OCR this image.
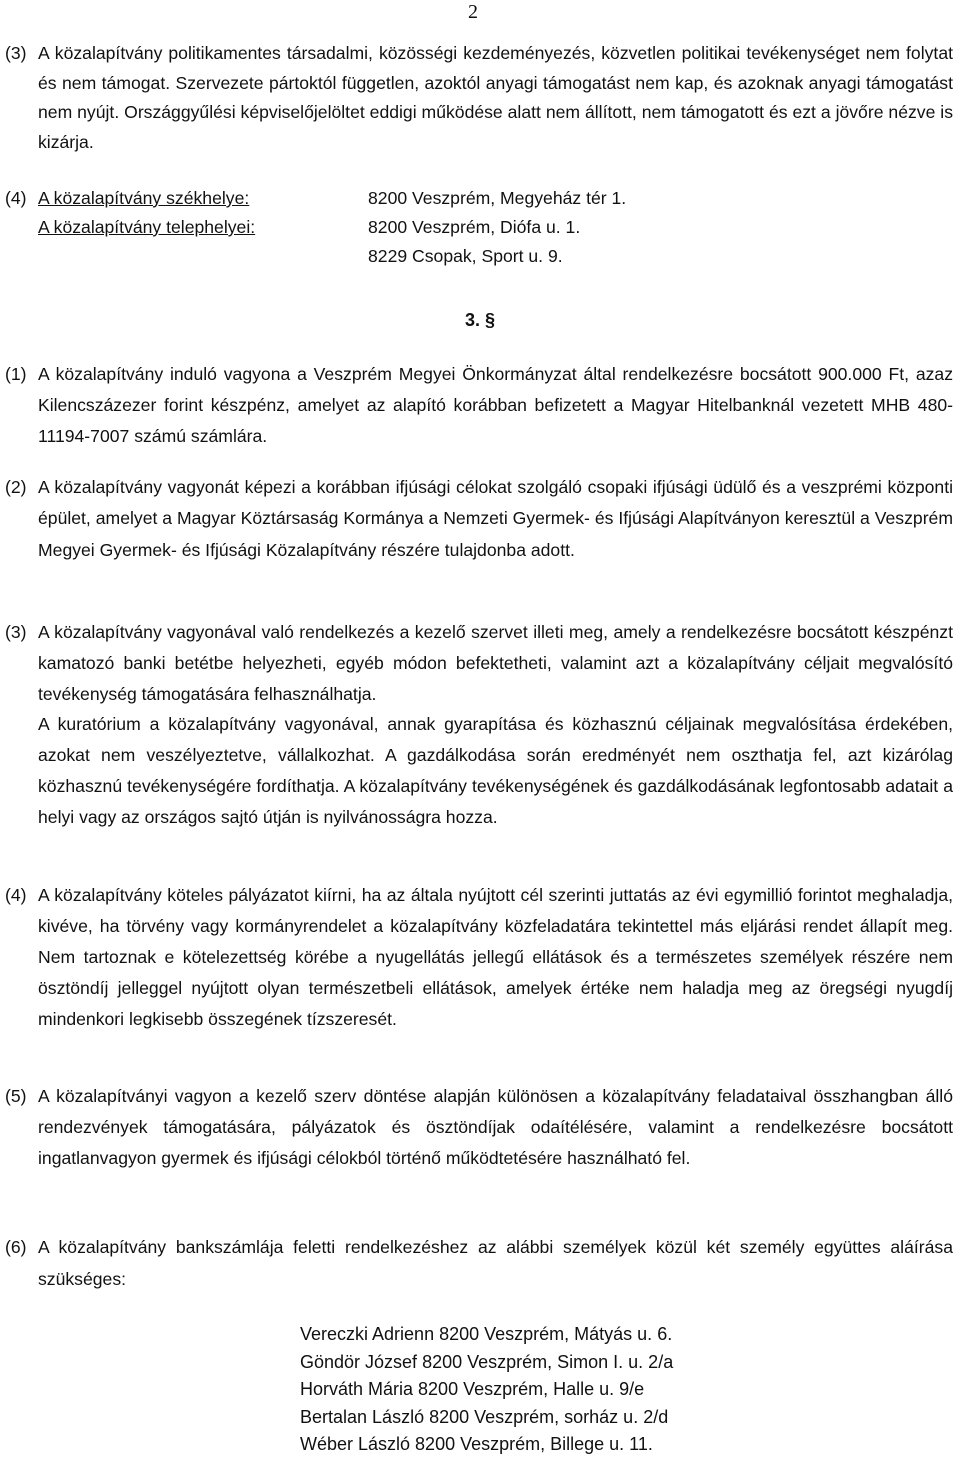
2
(3) A közalapítvány politikamentes társadalmi, közösségi kezdeményezés, közvetlen politikai tevékenységet nem folytat és nem támogat. Szervezete pártoktól független, azoktól anyagi támogatást nem kap, és azoknak anyagi támogatást nem nyújt. Országgyűlési képviselőjelöltet eddigi működése alatt nem állított, nem támogatott és ezt a jövőre nézve is kizárja.

(4) A közalapítvány székhelye:	8200 Veszprém, Megyeház tér 1.
A közalapítvány telephelyei:	8200 Veszprém, Diófa u. 1.
8229 Csopak, Sport u. 9.
3. §
(1) A közalapítvány induló vagyona a Veszprém Megyei Önkormányzat által rendelkezésre bocsátott 900.000 Ft, azaz Kilencszázezer forint készpénz, amelyet az alapító korábban befizetett a Magyar Hitelbanknál vezetett MHB 480-11194-7007 számú számlára.

(2) A közalapítvány vagyonát képezi a korábban ifjúsági célokat szolgáló csopaki ifjúsági üdülő és a veszprémi központi épület, amelyet a Magyar Köztársaság Kormánya a Nemzeti Gyermek- és Ifjúsági Alapítványon keresztül a Veszprém Megyei Gyermek- és Ifjúsági Közalapítvány részére tulajdonba adott.

(3) A közalapítvány vagyonával való rendelkezés a kezelő szervet illeti meg, amely a rendelkezésre bocsátott készpénzt kamatozó banki betétbe helyezheti, egyéb módon befektetheti, valamint azt a közalapítvány céljait megvalósító tevékenység támogatására felhasználhatja.

A kuratórium a közalapítvány vagyonával, annak gyarapítása és közhasznú céljainak megvalósítása érdekében, azokat nem veszélyeztetve, vállalkozhat. A gazdálkodása során eredményét nem oszthatja fel, azt kizárólag közhasznú tevékenységére fordíthatja. A közalapítvány tevékenységének és gazdálkodásának legfontosabb adatait a helyi vagy az országos sajtó útján is nyilvánosságra hozza.

(4) A közalapítvány köteles pályázatot kiírni, ha az általa nyújtott cél szerinti juttatás az évi egymillió forintot meghaladja, kivéve, ha törvény vagy kormányrendelet a közalapítvány közfeladatára tekintettel más eljárási rendet állapít meg. Nem tartoznak e kötelezettség körébe a nyugellátás jellegű ellátások és a természetes személyek részére nem ösztöndíj jelleggel nyújtott olyan természetbeli ellátások, amelyek értéke nem haladja meg az öregségi nyugdíj mindenkori legkisebb összegének tízszeresét.

(5) A közalapítványi vagyon a kezelő szerv döntése alapján különösen a közalapítvány feladataival összhangban álló rendezvények támogatására, pályázatok és ösztöndíjak odaítélésére, valamint a rendelkezésre bocsátott ingatlanvagyon gyermek és ifjúsági célokból történő működtetésére használható fel.

(6) A közalapítvány bankszámlája feletti rendelkezéshez az alábbi személyek közül két személy együttes aláírása szükséges:

Vereczki Adrienn 8200 Veszprém, Mátyás u. 6.
Göndör József 8200 Veszprém, Simon I. u. 2/a
Horváth Mária 8200 Veszprém, Halle u. 9/e
Bertalan László 8200 Veszprém, sorház u. 2/d
Wéber László 8200 Veszprém, Billege u. 11.
